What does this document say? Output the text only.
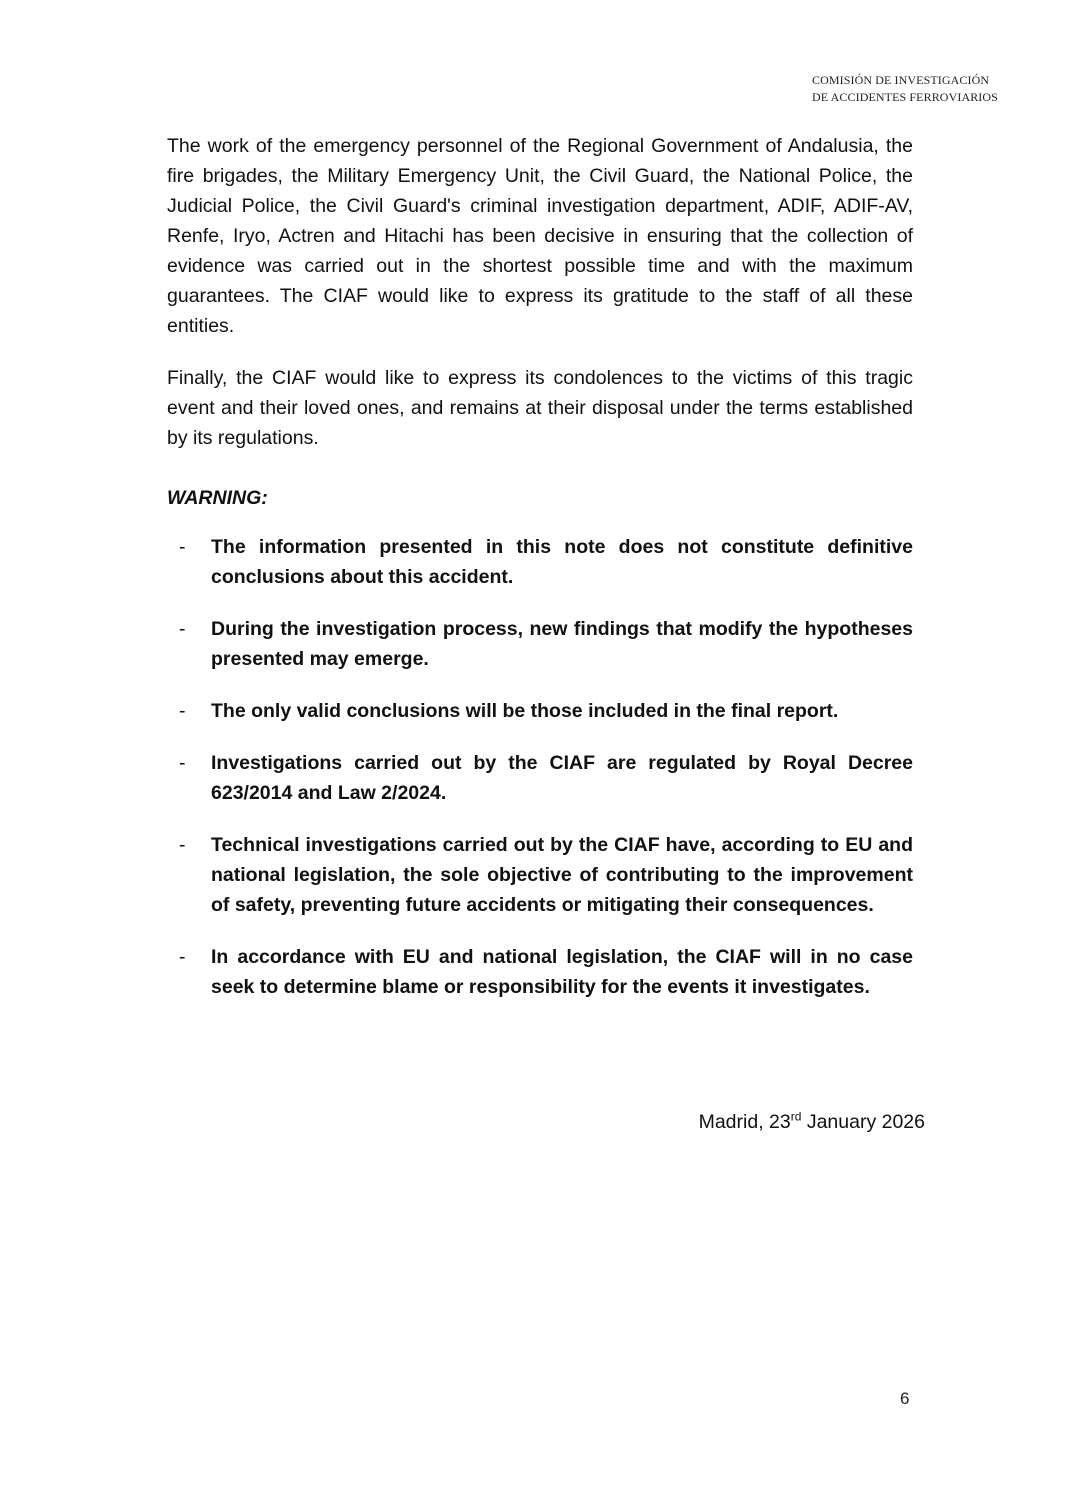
COMISIÓN DE INVESTIGACIÓN
DE ACCIDENTES FERROVIARIOS

The work of the emergency personnel of the Regional Government of Andalusia, the fire brigades, the Military Emergency Unit, the Civil Guard, the National Police, the Judicial Police, the Civil Guard's criminal investigation department, ADIF, ADIF-AV, Renfe, Iryo, Actren and Hitachi has been decisive in ensuring that the collection of evidence was carried out in the shortest possible time and with the maximum guarantees. The CIAF would like to express its gratitude to the staff of all these entities.

Finally, the CIAF would like to express its condolences to the victims of this tragic event and their loved ones, and remains at their disposal under the terms established by its regulations.

WARNING:
- The information presented in this note does not constitute definitive conclusions about this accident.
- During the investigation process, new findings that modify the hypotheses presented may emerge.
- The only valid conclusions will be those included in the final report.
- Investigations carried out by the CIAF are regulated by Royal Decree 623/2014 and Law 2/2024.
- Technical investigations carried out by the CIAF have, according to EU and national legislation, the sole objective of contributing to the improvement of safety, preventing future accidents or mitigating their consequences.
- In accordance with EU and national legislation, the CIAF will in no case seek to determine blame or responsibility for the events it investigates.
Madrid, 23rd January 2026
6
